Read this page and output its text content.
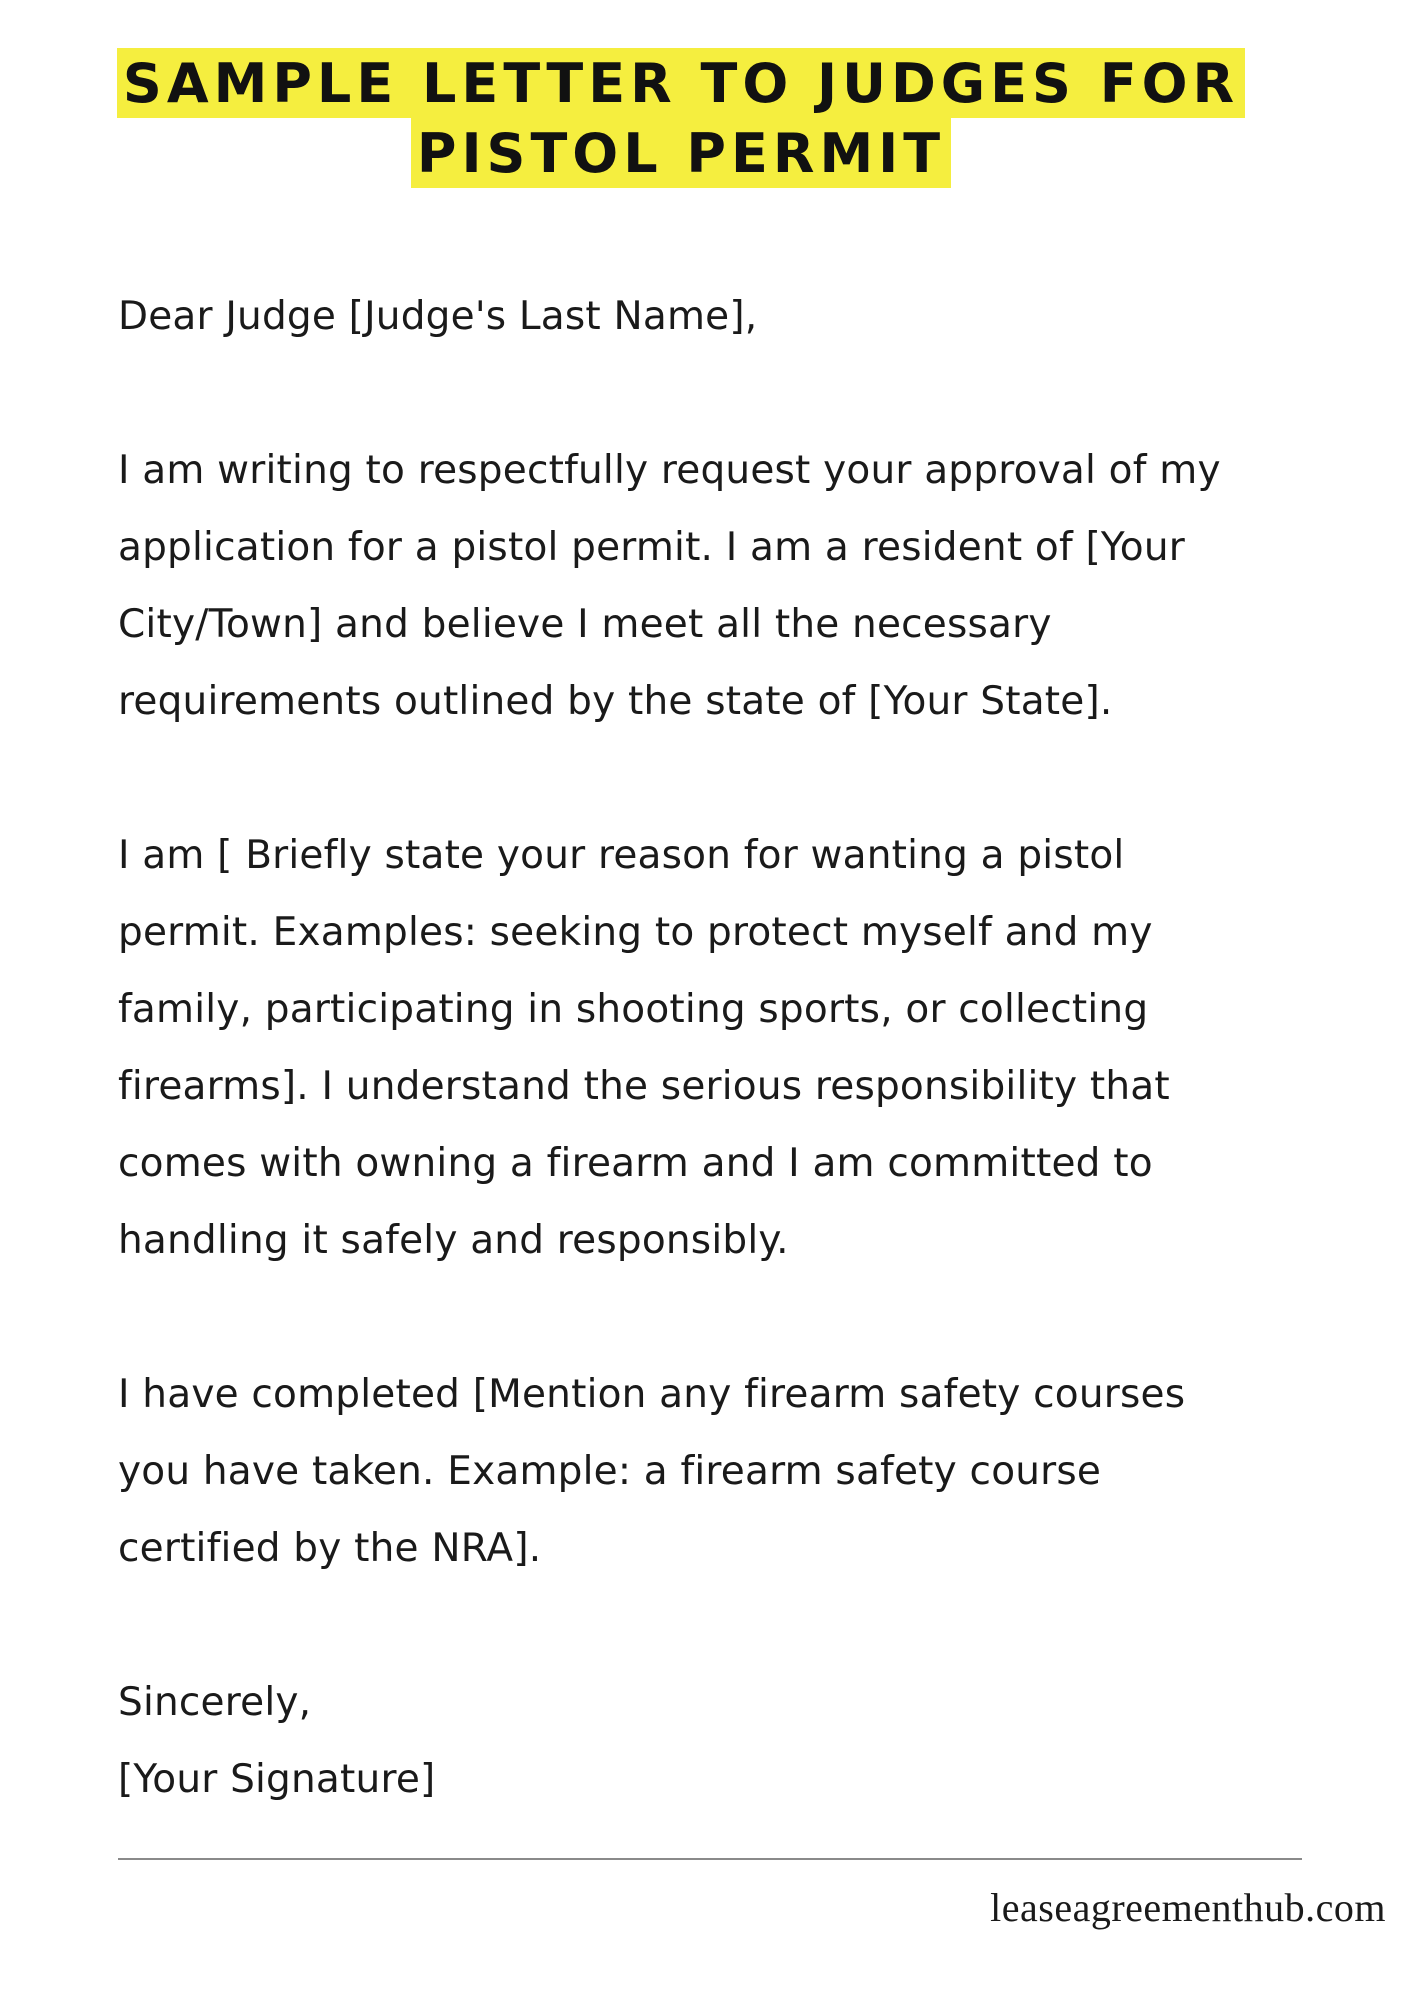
SAMPLE LETTER TO JUDGES FOR
PISTOL PERMIT

Dear Judge [Judge's Last Name],

I am writing to respectfully request your approval of my
application for a pistol permit. I am a resident of [Your
City/Town] and believe I meet all the necessary
requirements outlined by the state of [Your State].

I am [ Briefly state your reason for wanting a pistol
permit. Examples: seeking to protect myself and my
family, participating in shooting sports, or collecting
firearms]. I understand the serious responsibility that
comes with owning a firearm and I am committed to
handling it safely and responsibly.

I have completed [Mention any firearm safety courses
you have taken. Example: a firearm safety course
certified by the NRA].

Sincerely,
[Your Signature]

leaseagreementhub.com
